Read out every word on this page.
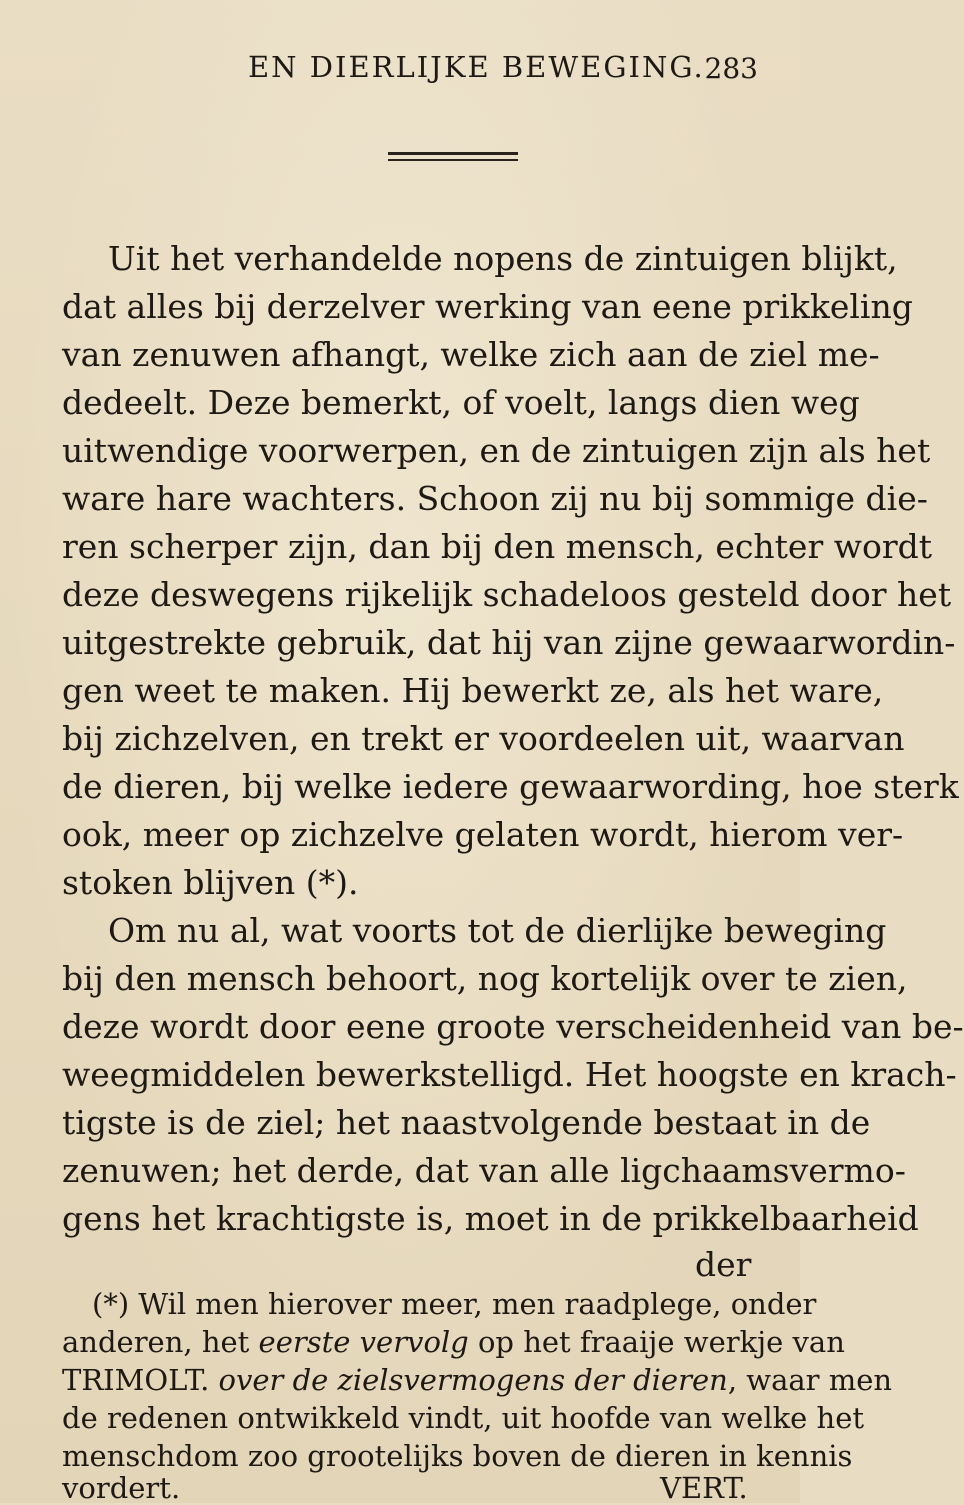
EN DIERLIJKE BEWEGING. 283
Uit het verhandelde nopens de zintuigen blijkt,
dat alles bij derzelver werking van eene prikkeling
van zenuwen afhangt, welke zich aan de ziel me-
dedeelt. Deze bemerkt, of voelt, langs dien weg
uitwendige voorwerpen, en de zintuigen zijn als het
ware hare wachters. Schoon zij nu bij sommige die-
ren scherper zijn, dan bij den mensch, echter wordt
deze deswegens rijkelijk schadeloos gesteld door het
uitgestrekte gebruik, dat hij van zijne gewaarwordin-
gen weet te maken. Hij bewerkt ze, als het ware,
bij zichzelven, en trekt er voordeelen uit, waarvan
de dieren, bij welke iedere gewaarwording, hoe sterk
ook, meer op zichzelve gelaten wordt, hierom ver-
stoken blijven (*).
Om nu al, wat voorts tot de dierlijke beweging
bij den mensch behoort, nog kortelijk over te zien,
deze wordt door eene groote verscheidenheid van be-
weegmiddelen bewerkstelligd. Het hoogste en krach-
tigste is de ziel; het naastvolgende bestaat in de
zenuwen; het derde, dat van alle ligchaamsvermo-
gens het krachtigste is, moet in de prikkelbaarheid
der
(*) Wil men hierover meer, men raadplege, onder
anderen, het eerste vervolg op het fraaije werkje van
TRIMOLT. over de zielsvermogens der dieren, waar men
de redenen ontwikkeld vindt, uit hoofde van welke het
menschdom zoo grootelijks boven de dieren in kennis
vordert.	VERT.
